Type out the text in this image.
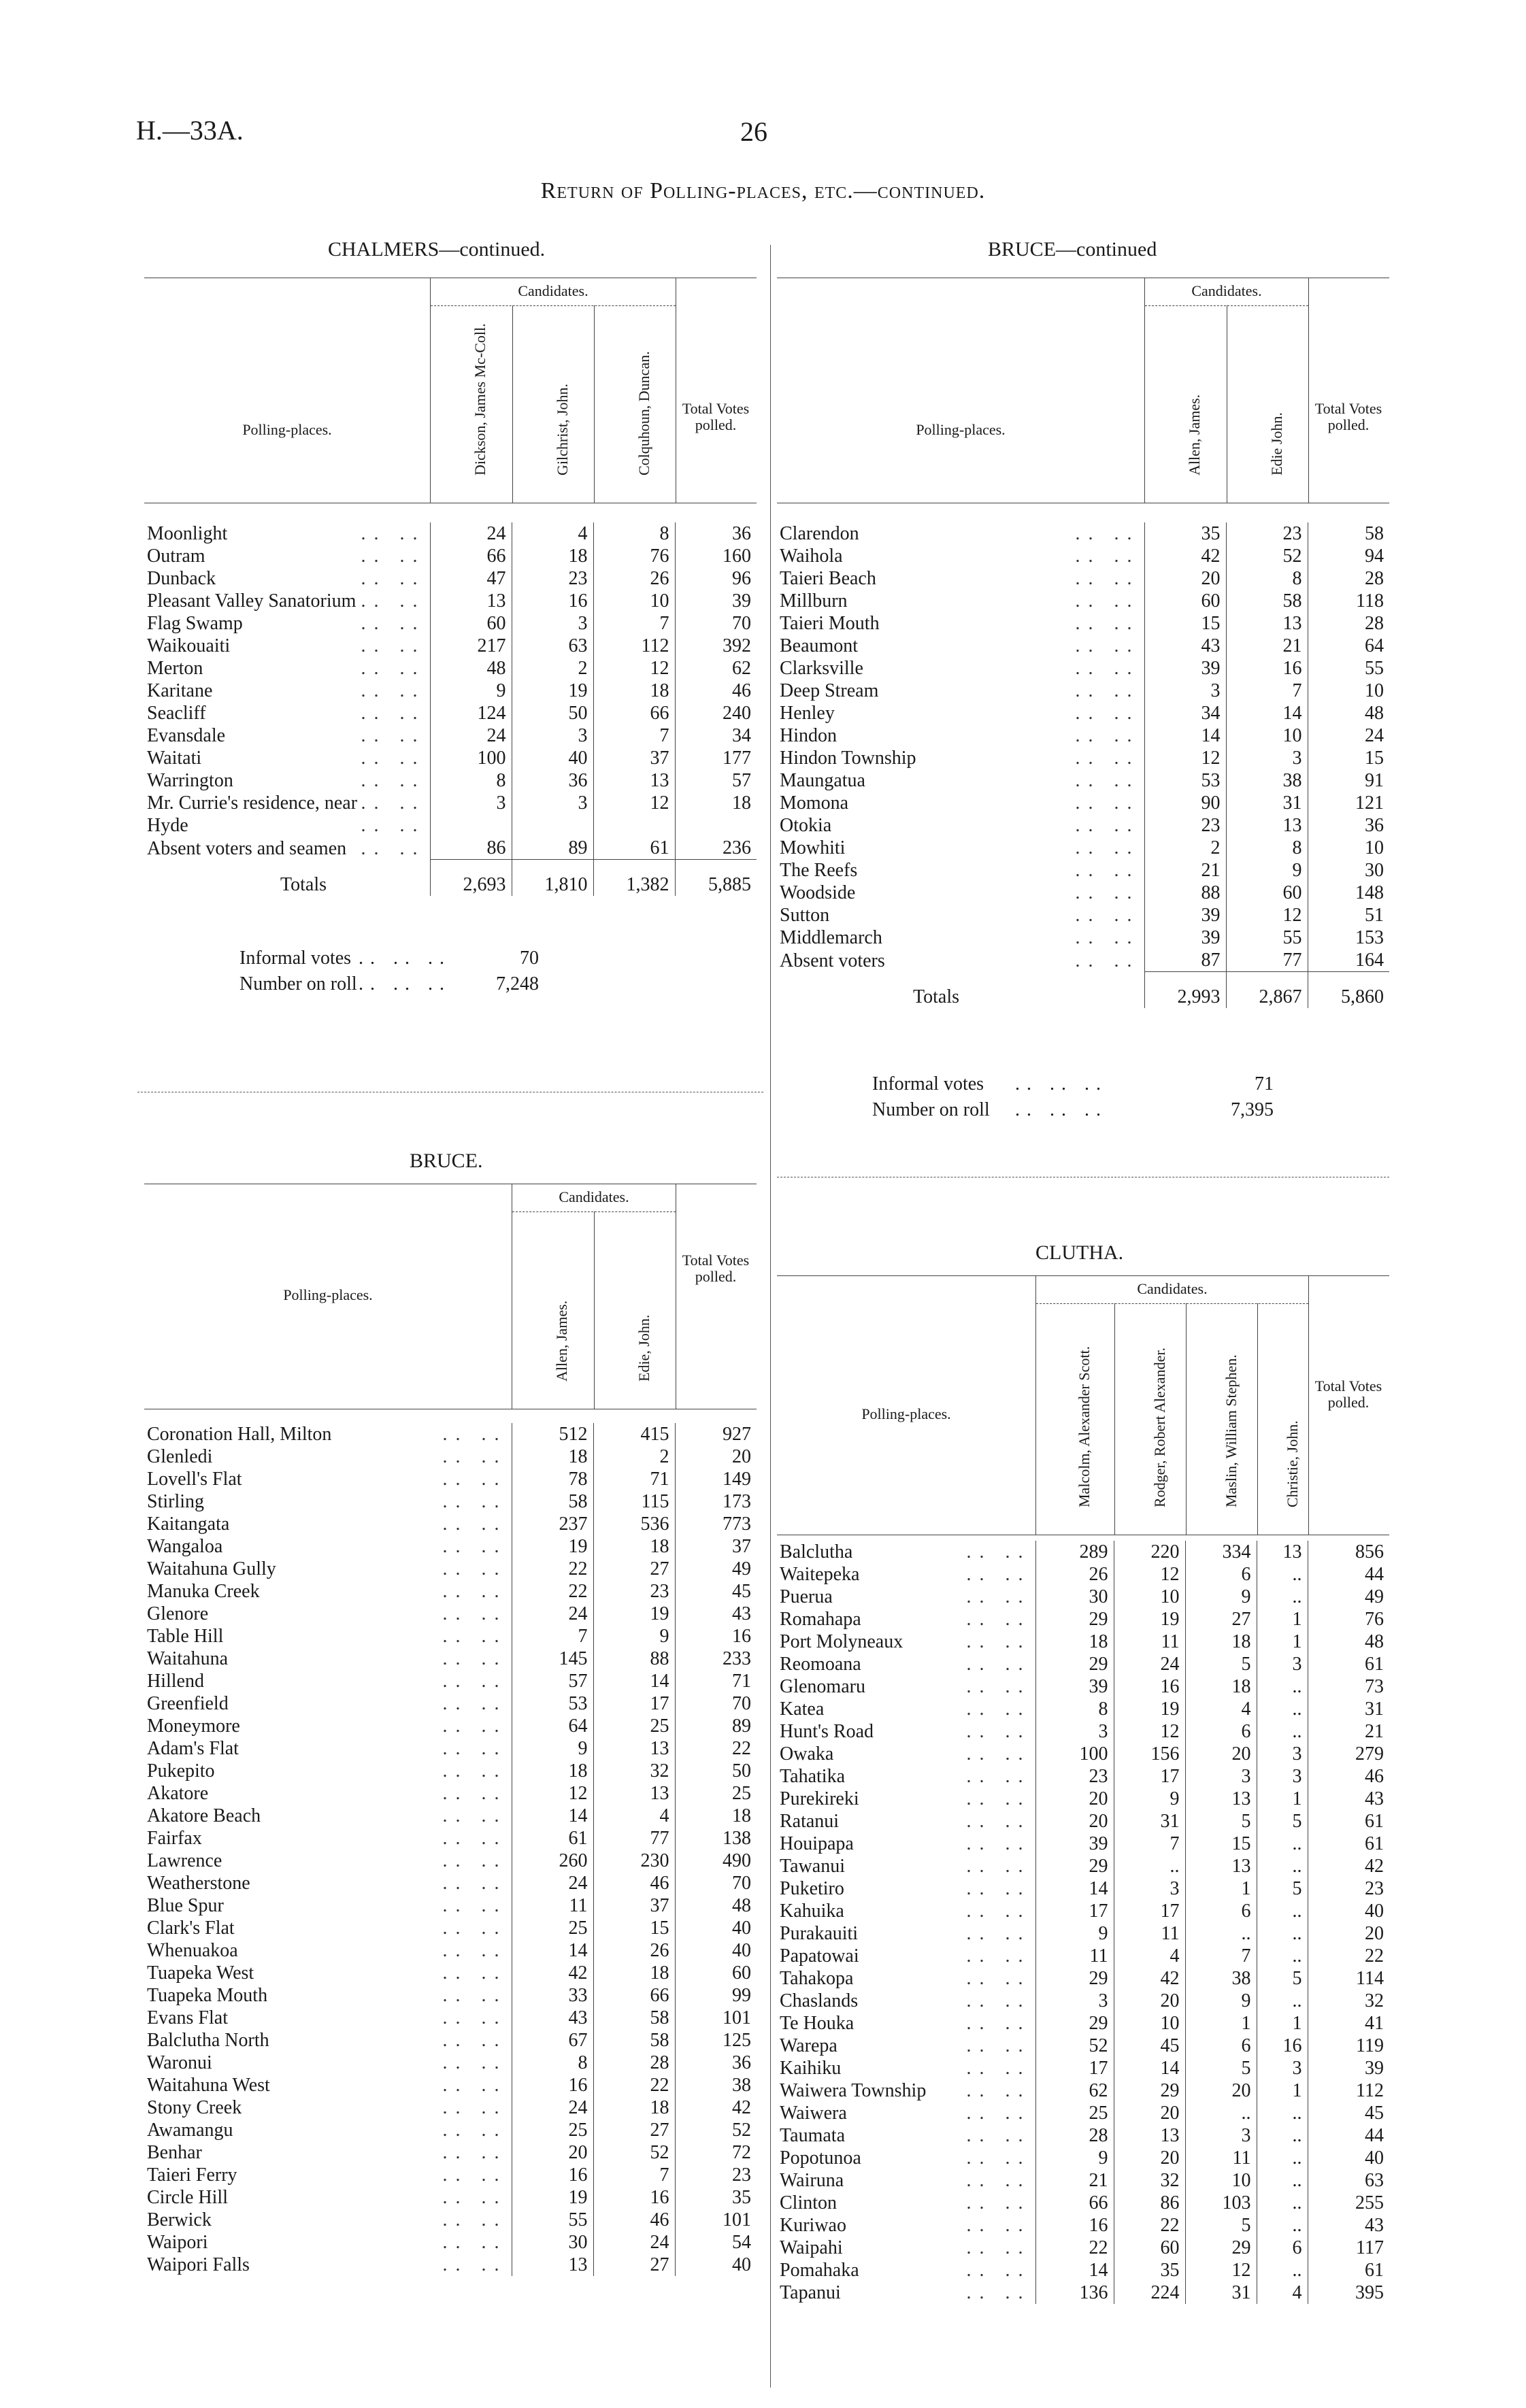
H.—33A.	26
Return of Polling-places, etc.—continued.
CHALMERS—continued.
Polling-places.
Candidates.
Dickson, James Mc-Coll.	Gilchrist, John.	Colquhoun, Duncan.	Total Votes polled.
Moonlight .. ..	24	4	8	36
Outram .. ..	66	18	76	160
Dunback .. ..	47	23	26	96
Pleasant Valley Sanatorium .. ..	13	16	10	39
Flag Swamp .. ..	60	3	7	70
Waikouaiti .. ..	217	63	112	392
Merton .. ..	48	2	12	62
Karitane .. ..	9	19	18	46
Seacliff .. ..	124	50	66	240
Evansdale .. ..	24	3	7	34
Waitati .. ..	100	40	37	177
Warrington .. ..	8	36	13	57
Mr. Currie's residence, near .. ..	3	3	12	18
Hyde .. ..				

Absent voters and seamen .. ..	86	89	61	236
Totals	2,693	1,810	1,382	5,885
Informal votes .. .. ..	70
Number on roll .. .. .. 7,248
BRUCE—continued
Polling-places.
Candidates.
Allen, James.	Edie John.
Total Votes polled.
Clarendon .. ..	35	23	58
Waihola .. ..	42	52	94
Taieri Beach .. ..	20	8	28
Millburn .. ..	60	58	118
Taieri Mouth .. ..	15	13	28
Beaumont .. ..	43	21	64
Clarksville .. ..	39	16	55
Deep Stream .. ..	3	7	10
Henley .. ..	34	14	48
Hindon .. ..	14	10	24
Hindon Township .. ..	12	3	15
Maungatua .. ..	53	38	91
Momona .. ..	90	31	121
Otokia .. ..	23	13	36
Mowhiti .. ..	2	8	10
The Reefs .. ..	21	9	30
Woodside .. ..	88	60	148
Sutton .. ..	39	12	51
Middlemarch .. ..	39	55	153
Absent voters .. ..	87	77	164
Totals	2,993	2,867	5,860
Informal votes .. .. ..	71
Number on roll .. .. ..	7,395
BRUCE.
Polling-places.
Candidates.
Allen, James.	Edie, John.
Total Votes polled.
Coronation Hall, Milton .. ..	512	415	927
Glenledi .. ..	18	2	20
Lovell's Flat .. ..	78	71	149
Stirling .. ..	58	115	173
Kaitangata .. ..	237	536	773
Wangaloa .. ..	19	18	37
Waitahuna Gully .. ..	22	27	49
Manuka Creek .. ..	22	23	45
Glenore .. ..	24	19	43
Table Hill .. ..	7	9	16
Waitahuna .. ..	145	88	233
Hillend .. ..	57	14	71
Greenfield .. ..	53	17	70
Moneymore .. ..	64	25	89
Adam's Flat .. ..	9	13	22
Pukepito .. ..	18	32	50
Akatore .. ..	12	13	25
Akatore Beach .. ..	14	4	18
Fairfax .. ..	61	77	138
Lawrence .. ..	260	230	490
Weatherstone .. ..	24	46	70
Blue Spur .. ..	11	37	48
Clark's Flat .. ..	25	15	40
Whenuakoa .. ..	14	26	40
Tuapeka West .. ..	42	18	60
Tuapeka Mouth .. ..	33	66	99
Evans Flat .. ..	43	58	101
Balclutha North .. ..	67	58	125
Waronui .. ..	8	28	36
Waitahuna West .. ..	16	22	38
Stony Creek .. ..	24	18	42
Awamangu .. ..	25	27	52
Benhar .. ..	20	52	72
Taieri Ferry .. ..	16	7	23
Circle Hill .. ..	19	16	35
Berwick .. ..	55	46	101
Waipori .. ..	30	24	54
Waipori Falls .. ..	13	27	40
CLUTHA.
Polling-places.
Candidates.
Malcolm, Alexander Scott.	Rodger, Robert Alexander.	Maslin, William Stephen.	Christie, John.
Total Votes polled.
Balclutha .. ..	289	220	334	13	856
Waitepeka .. ..	26	12	6	..	44
Puerua .. ..	30	10	9	..	49
Romahapa .. ..	29	19	27	1	76
Port Molyneaux .. ..	18	11	18	1	48
Reomoana .. ..	29	24	5	3	61
Glenomaru .. ..	39	16	18	..	73
Katea .. ..	8	19	4	..	31
Hunt's Road .. ..	3	12	6	..	21
Owaka .. ..	100	156	20	3	279
Tahatika .. ..	23	17	3	3	46
Purekireki .. ..	20	9	13	1	43
Ratanui .. ..	20	31	5	5	61
Houipapa .. ..	39	7	15	..	61
Tawanui .. ..	29	..	13	..	42
Puketiro .. ..	14	3	1	5	23
Kahuika .. ..	17	17	6	..	40
Purakauiti .. ..	9	11	..	..	20
Papatowai .. ..	11	4	7	..	22
Tahakopa .. ..	29	42	38	5	114
Chaslands .. ..	3	20	9	..	32
Te Houka .. ..	29	10	1	1	41
Warepa .. ..	52	45	6	16	119
Kaihiku .. ..	17	14	5	3	39
Waiwera Township .. ..	62	29	20	1	112
Waiwera .. ..	25	20	..	..	45
Taumata .. ..	28	13	3	..	44
Popotunoa .. ..	9	20	11	..	40
Wairuna .. ..	21	32	10	..	63
Clinton .. ..	66	86	103	..	255
Kuriwao .. ..	16	22	5	..	43
Waipahi .. ..	22	60	29	6	117
Pomahaka .. ..	14	35	12	..	61
Tapanui .. ..	136	224	31	4	395
